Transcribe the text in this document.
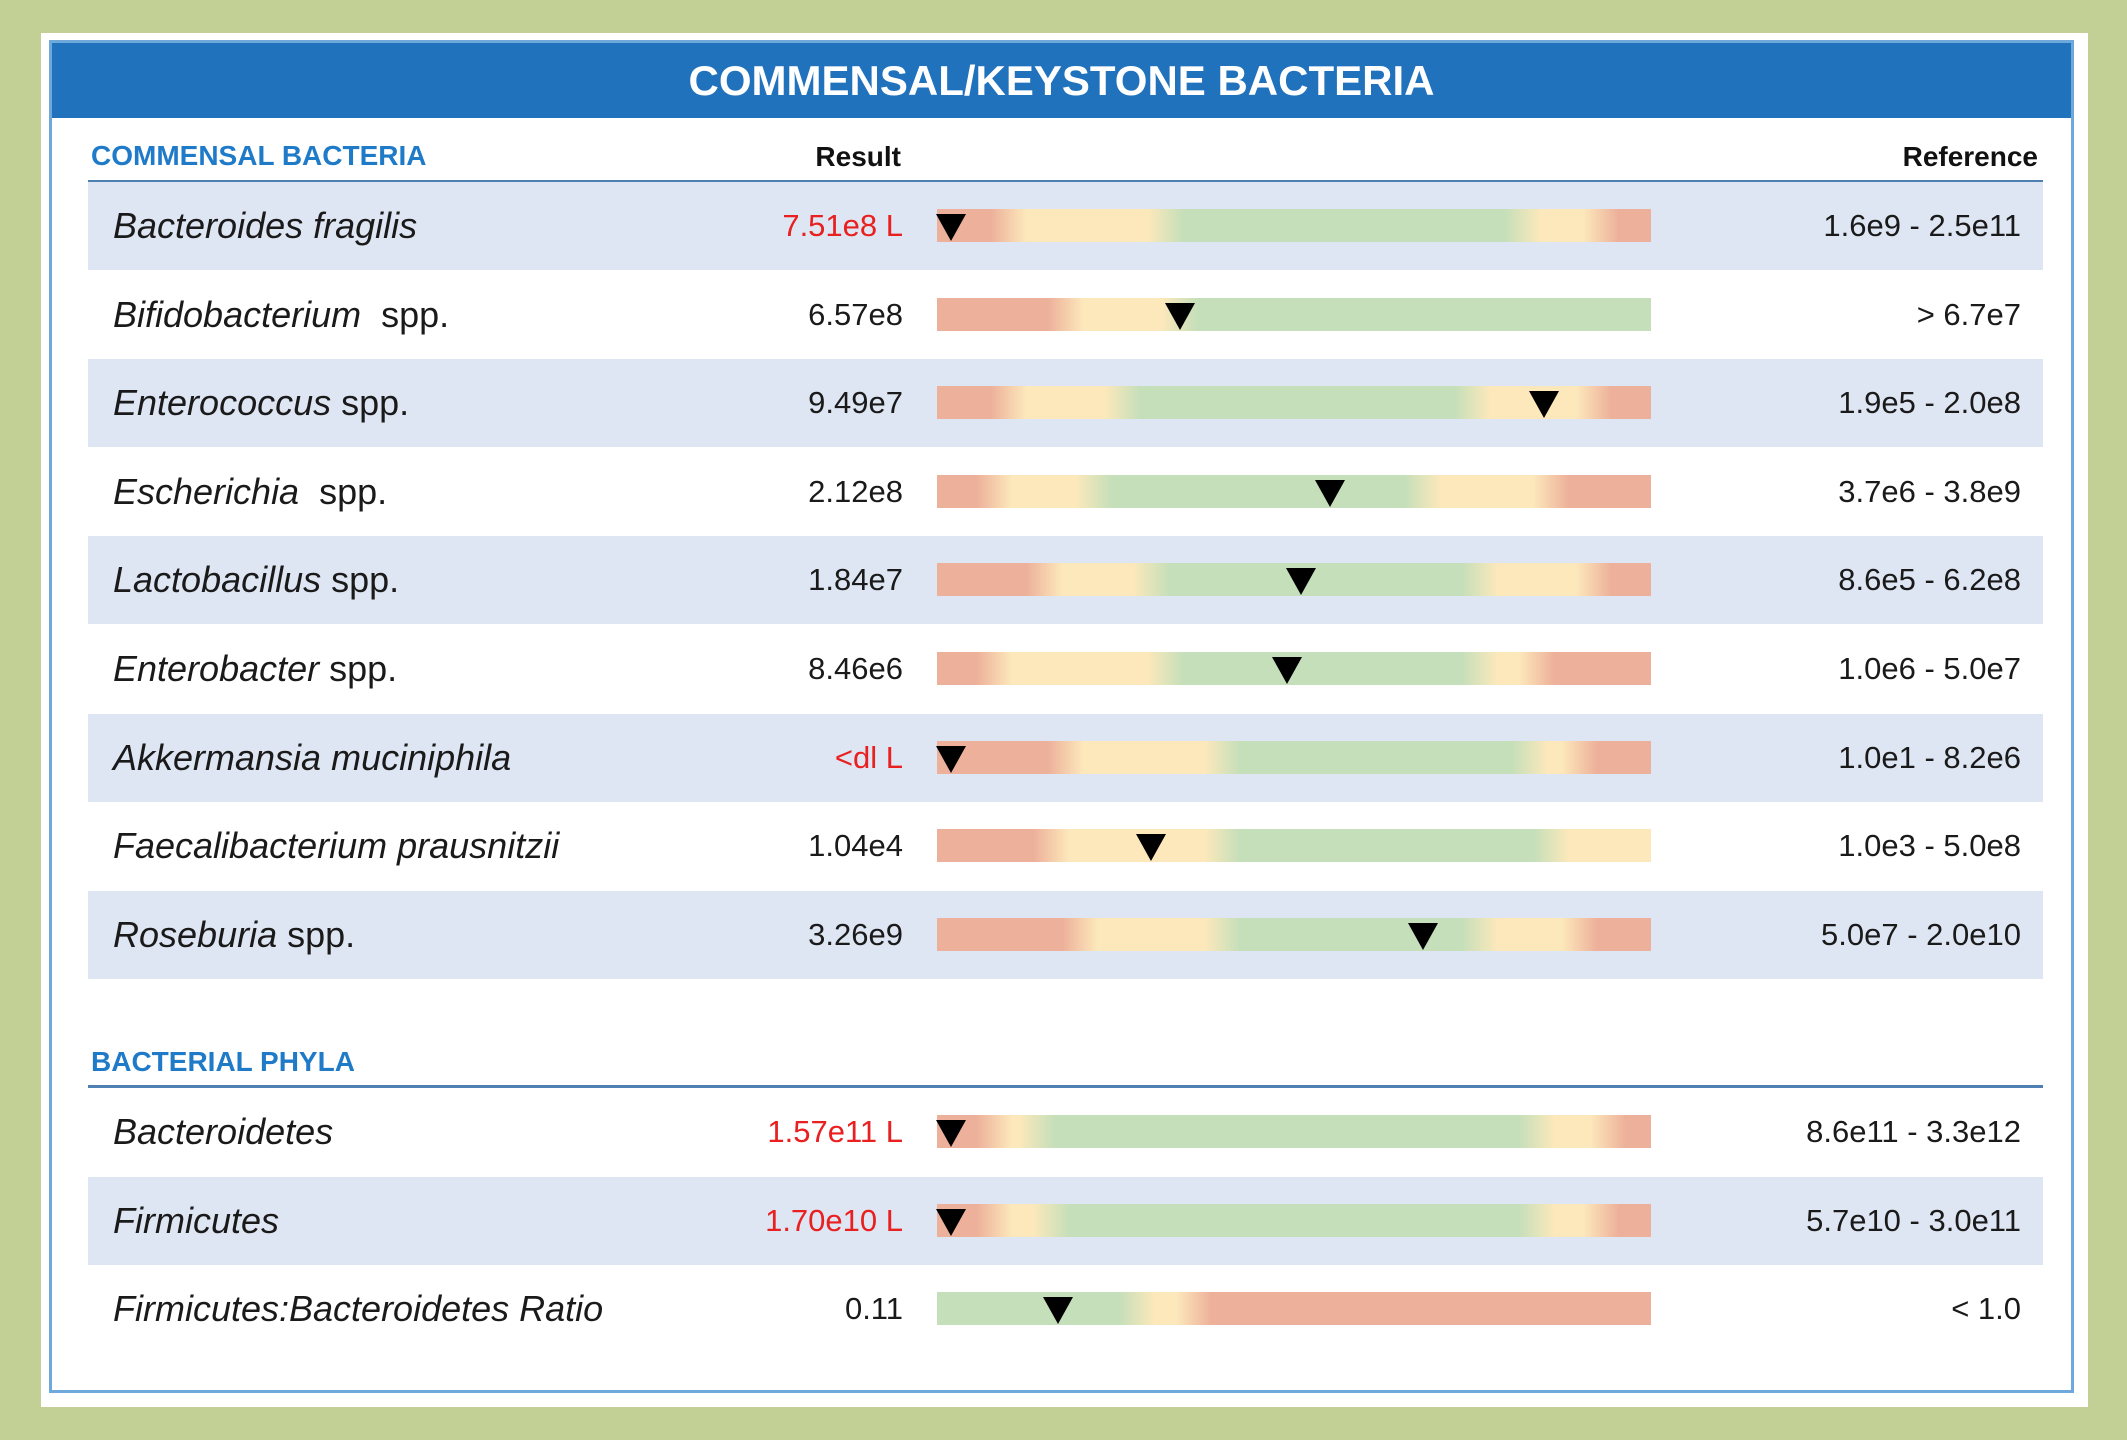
COMMENSAL/KEYSTONE BACTERIA
COMMENSAL BACTERIA	Result	Reference
Bacteroides fragilis	7.51e8 L	1.6e9 - 2.5e11
Bifidobacterium  spp.	6.57e8	> 6.7e7
Enterococcus spp.	9.49e7	1.9e5 - 2.0e8
Escherichia  spp.	2.12e8	3.7e6 - 3.8e9
Lactobacillus spp.	1.84e7	8.6e5 - 6.2e8
Enterobacter spp.	8.46e6	1.0e6 - 5.0e7
Akkermansia muciniphila	<dl L	1.0e1 - 8.2e6
Faecalibacterium prausnitzii	1.04e4	1.0e3 - 5.0e8
Roseburia spp.	3.26e9	5.0e7 - 2.0e10
BACTERIAL PHYLA
Bacteroidetes	1.57e11 L	8.6e11 - 3.3e12
Firmicutes	1.70e10 L	5.7e10 - 3.0e11
Firmicutes:Bacteroidetes Ratio	0.11	< 1.0
